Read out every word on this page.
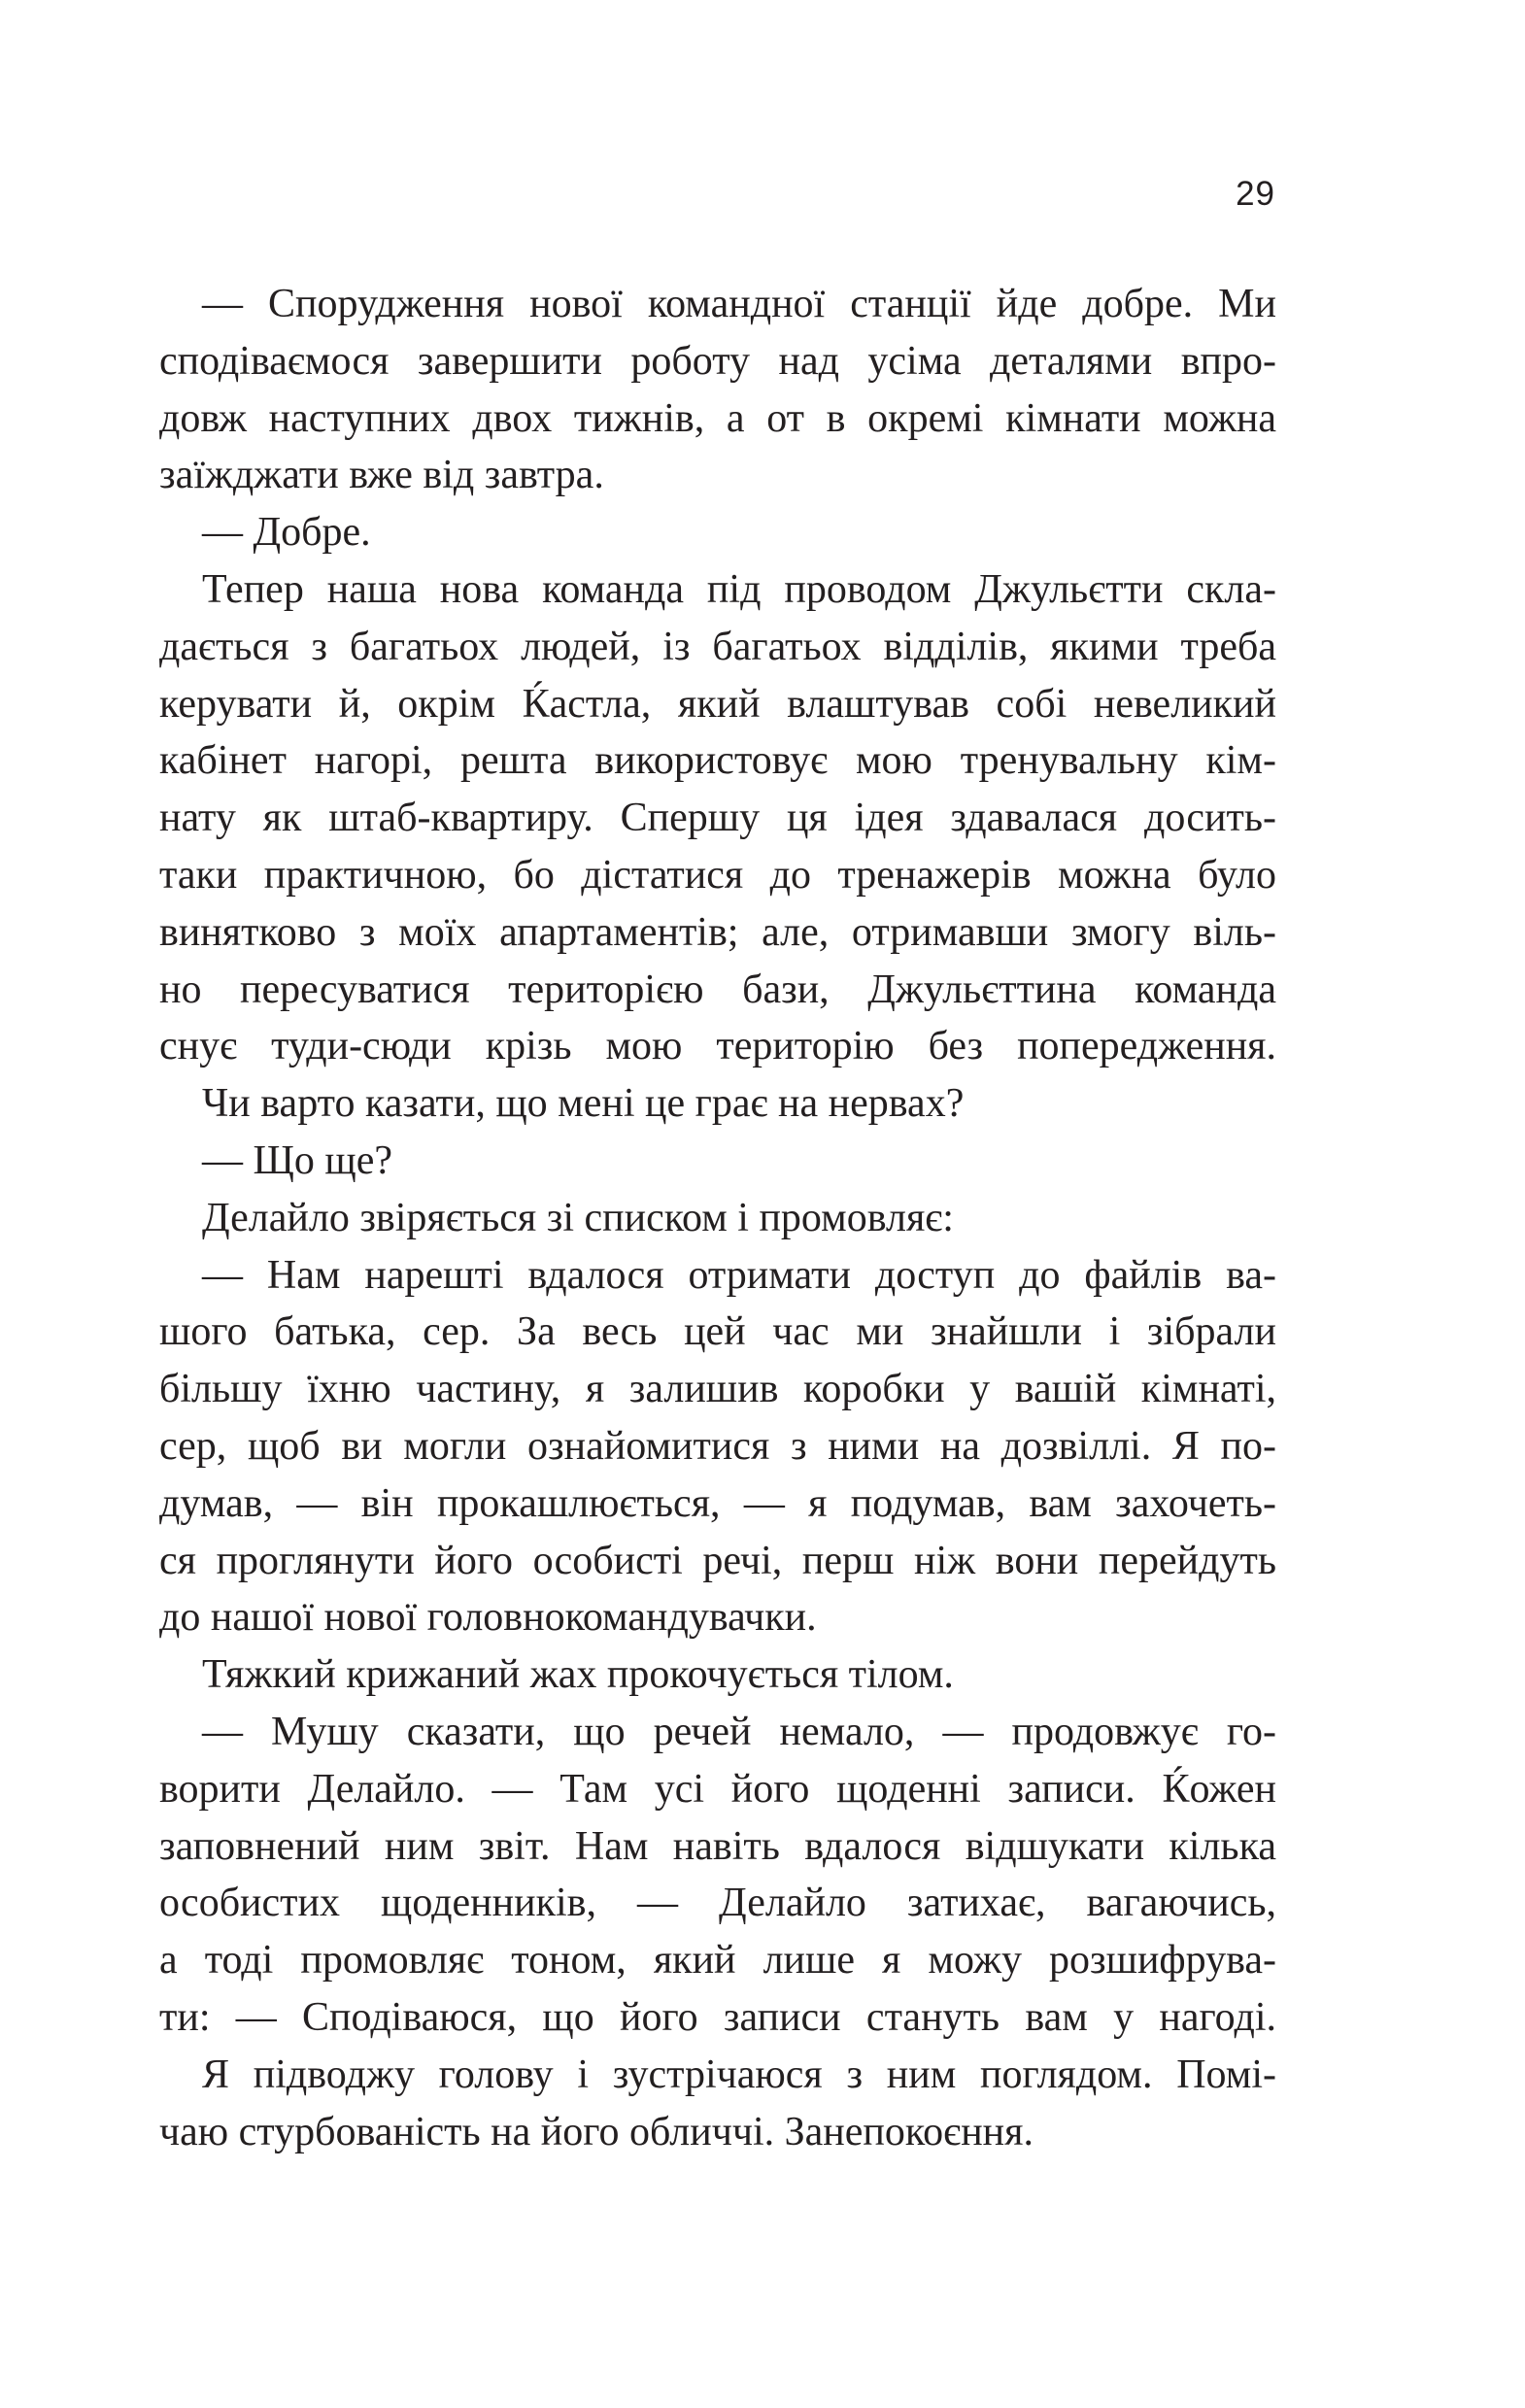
29
— Спорудження нової командної станції йде добре. Ми
сподіваємося завершити роботу над усіма деталями впро-
довж наступних двох тижнів, а от в окремі кімнати можна
заїжджати вже від завтра.
— Добре.
Тепер наша нова команда під проводом Джульєтти скла-
дається з багатьох людей, із багатьох відділів, якими треба
керувати й, окрім Ќастла, який влаштував собі невеликий
кабінет нагорі, решта використовує мою тренувальну кім-
нату як штаб-квартиру. Спершу ця ідея здавалася досить-
таки практичною, бо дістатися до тренажерів можна було
винятково з моїх апартаментів; але, отримавши змогу віль-
но пересуватися територією бази, Джульєттина команда
снує туди-сюди крізь мою територію без попередження.
Чи варто казати, що мені це грає на нервах?
— Що ще?
Делайло звіряється зі списком і промовляє:
— Нам нарешті вдалося отримати доступ до файлів ва-
шого батька, сер. За весь цей час ми знайшли і зібрали
більшу їхню частину, я залишив коробки у вашій кімнаті,
сер, щоб ви могли ознайомитися з ними на дозвіллі. Я по-
думав, — він прокашлюється, — я подумав, вам захочеть-
ся проглянути його особисті речі, перш ніж вони перейдуть
до нашої нової головнокомандувачки.
Тяжкий крижаний жах прокочується тілом.
— Мушу сказати, що речей немало, — продовжує го-
ворити Делайло. — Там усі його щоденні записи. Ќожен
заповнений ним звіт. Нам навіть вдалося відшукати кілька
особистих щоденників, — Делайло затихає, вагаючись,
а тоді промовляє тоном, який лише я можу розшифрува-
ти: — Сподіваюся, що його записи стануть вам у нагоді.
Я підводжу голову і зустрічаюся з ним поглядом. Помі-
чаю стурбованість на його обличчі. Занепокоєння.
